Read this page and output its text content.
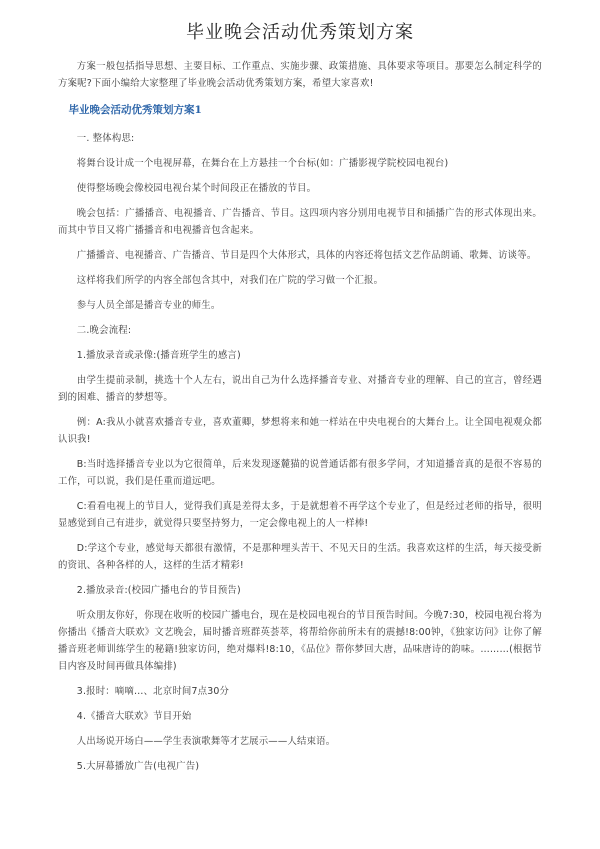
毕业晚会活动优秀策划方案

方案一般包括指导思想、主要目标、工作重点、实施步骤、政策措施、具体要求等项目。那要怎么制定科学的方案呢?下面小编给大家整理了毕业晚会活动优秀策划方案，希望大家喜欢!

毕业晚会活动优秀策划方案1

一. 整体构思:

将舞台设计成一个电视屏幕，在舞台在上方悬挂一个台标(如：广播影视学院校园电视台)

使得整场晚会像校园电视台某个时间段正在播放的节目。

晚会包括：广播播音、电视播音、广告播音、节目。这四项内容分别用电视节目和插播广告的形式体现出来。而其中节目又将广播播音和电视播音包含起来。

广播播音、电视播音、广告播音、节目是四个大体形式，具体的内容还将包括文艺作品朗诵、歌舞、访谈等。

这样将我们所学的内容全部包含其中，对我们在广院的学习做一个汇报。

参与人员全部是播音专业的师生。

二.晚会流程:

1.播放录音或录像:(播音班学生的感言)

由学生提前录制，挑选十个人左右，说出自己为什么选择播音专业、对播音专业的理解、自己的宣言，曾经遇到的困难、播音的梦想等。

例：A:我从小就喜欢播音专业，喜欢董卿，梦想将来和她一样站在中央电视台的大舞台上。让全国电视观众都认识我!

B:当时选择播音专业以为它很简单，后来发现逐麓猫的说普通话都有很多学问，才知道播音真的是很不容易的工作，可以说，我们是任重而道远吧。

C:看看电视上的节目人，觉得我们真是差得太多，于是就想着不再学这个专业了，但是经过老师的指导，很明显感觉到自己有进步，就觉得只要坚持努力，一定会像电视上的人一样棒!

D:学这个专业，感觉每天都很有激情，不是那种埋头苦干、不见天日的生活。我喜欢这样的生活，每天接受新的资讯、各种各样的人，这样的生活才精彩!

2.播放录音:(校园广播电台的节目预告)

听众朋友你好，你现在收听的校园广播电台，现在是校园电视台的节目预告时间。今晚7:30，校园电视台将为你播出《播音大联欢》文艺晚会，届时播音班群英荟萃，将帮给你前所未有的震撼!8:00钟，《独家访问》让你了解播音班老师训练学生的秘籍!独家访问，绝对爆料!8:10，《品位》帮你梦回大唐，品味唐诗的韵味。………(根据节目内容及时间再做具体编排)

3.报时：嘀嘀…、北京时间7点30分

4.《播音大联欢》节目开始

人出场说开场白——学生表演歌舞等才艺展示——人结束语。

5.大屏幕播放广告(电视广告)
